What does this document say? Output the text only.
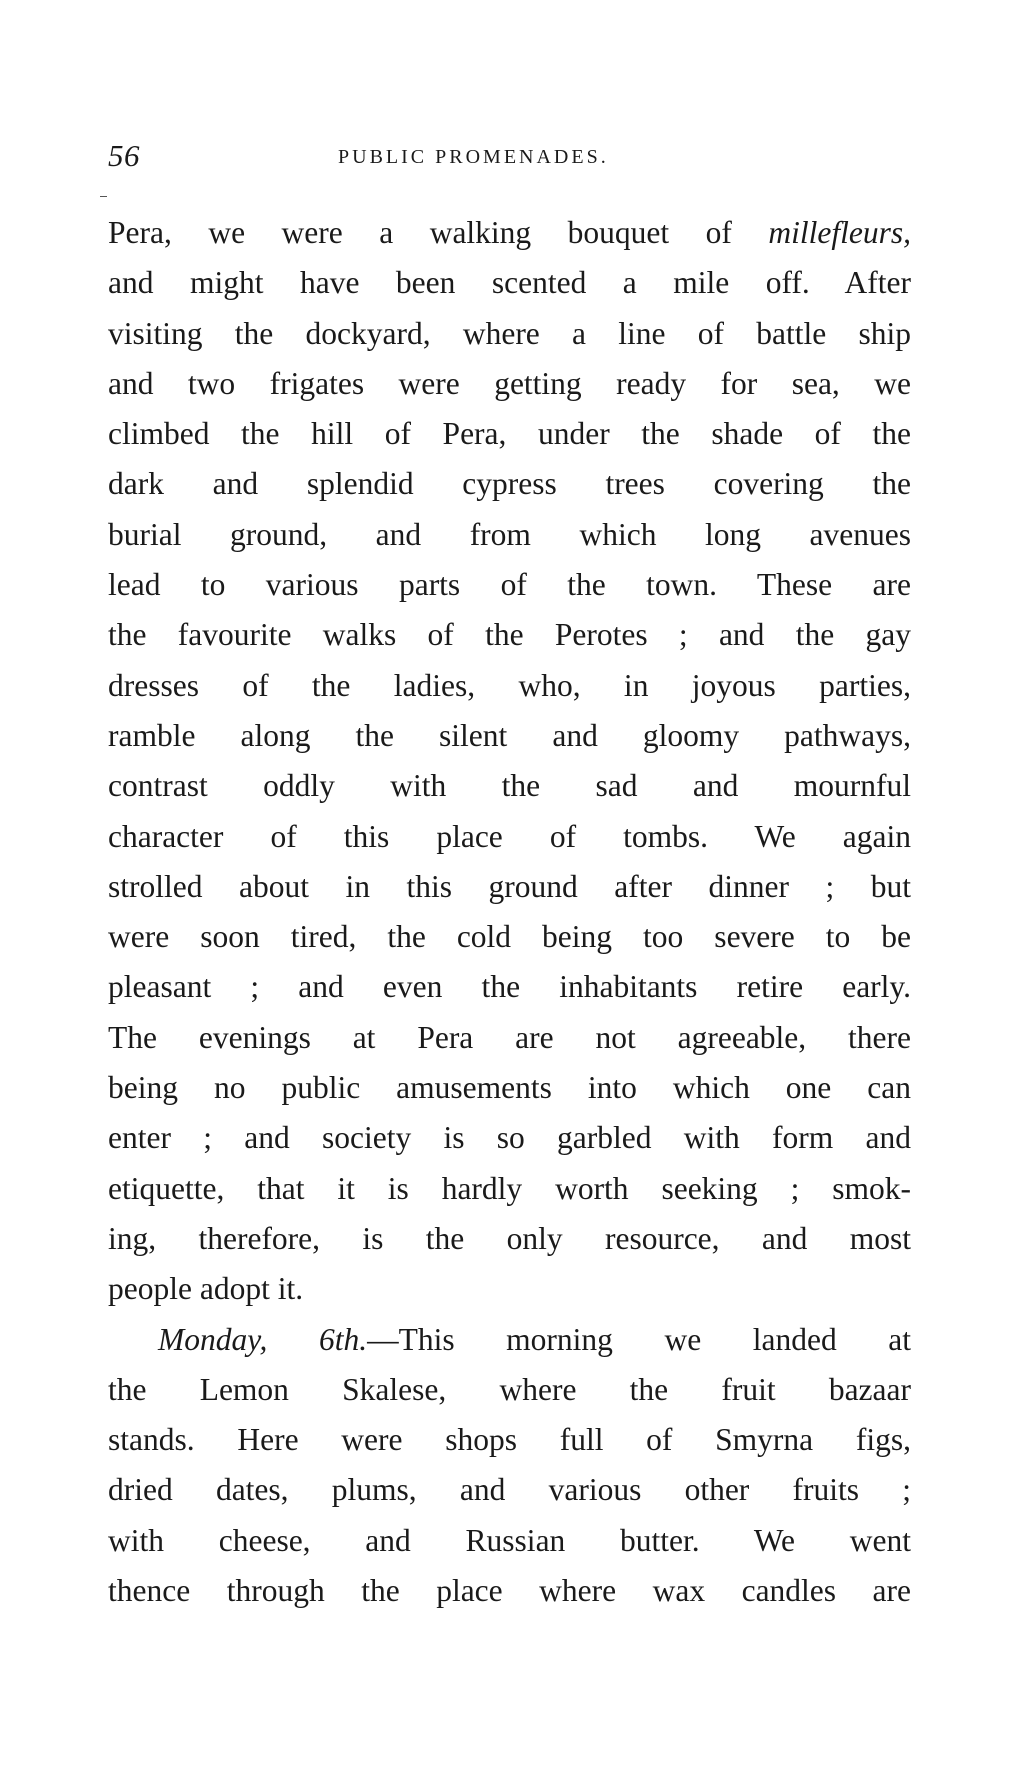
56	PUBLIC PROMENADES.
Pera, we were a walking bouquet of millefleurs,
and might have been scented a mile off. After
visiting the dockyard, where a line of battle ship
and two frigates were getting ready for sea, we
climbed the hill of Pera, under the shade of the
dark and splendid cypress trees covering the
burial ground, and from which long avenues
lead to various parts of the town. These are
the favourite walks of the Perotes ; and the gay
dresses of the ladies, who, in joyous parties,
ramble along the silent and gloomy pathways,
contrast oddly with the sad and mournful
character of this place of tombs. We again
strolled about in this ground after dinner ; but
were soon tired, the cold being too severe to be
pleasant ; and even the inhabitants retire early.
The evenings at Pera are not agreeable, there
being no public amusements into which one can
enter ; and society is so garbled with form and
etiquette, that it is hardly worth seeking ; smok-
ing, therefore, is the only resource, and most
people adopt it.
Monday, 6th.—This morning we landed at
the Lemon Skalese, where the fruit bazaar
stands. Here were shops full of Smyrna figs,
dried dates, plums, and various other fruits ;
with cheese, and Russian butter. We went
thence through the place where wax candles are
